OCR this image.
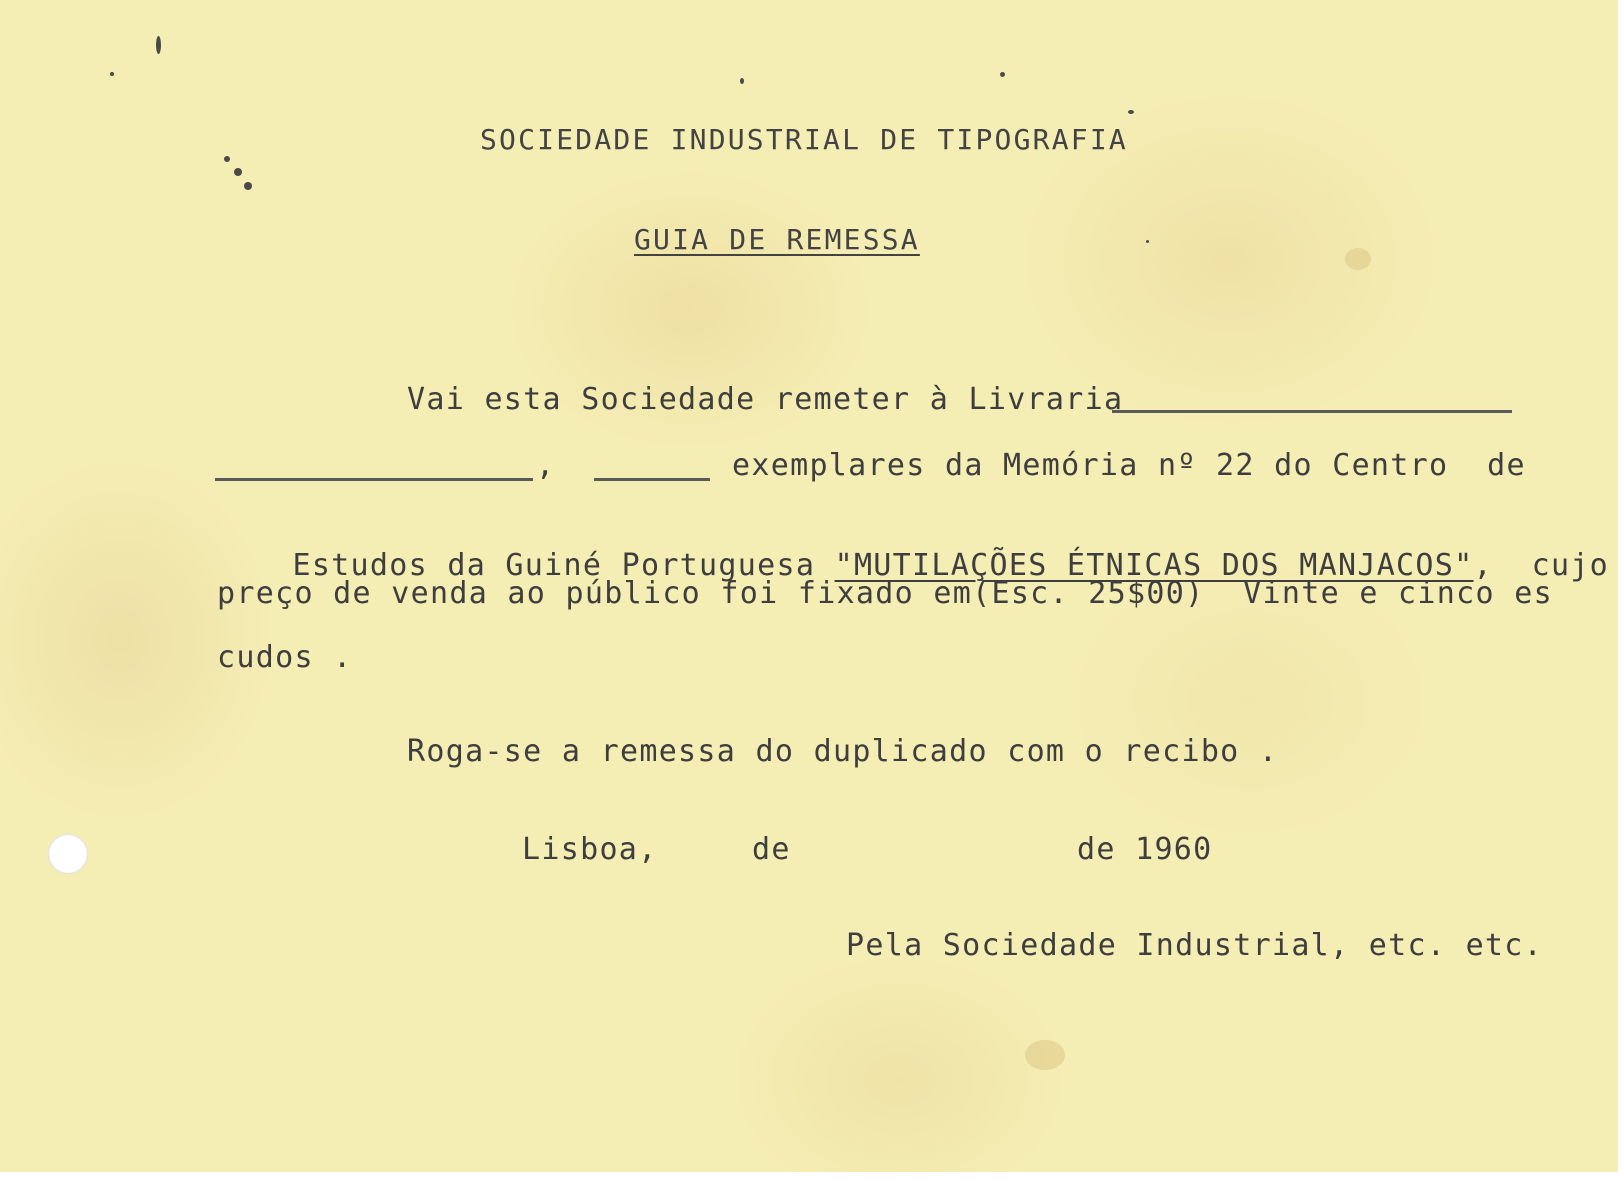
SOCIEDADE INDUSTRIAL DE TIPOGRAFIA
GUIA DE REMESSA
Vai esta Sociedade remeter à Livraria
,	exemplares da Memória nº 22 do Centro  de

Estudos da Guiné Portuguesa "MUTILAÇÕES ÉTNICAS DOS MANJACOS",  cujo

preço de venda ao público foi fixado em(Esc. 25$00)  Vinte e cinco es
cudos .
Roga-se a remessa do duplicado com o recibo .
Lisboa,	de	de 1960
Pela Sociedade Industrial, etc. etc.
